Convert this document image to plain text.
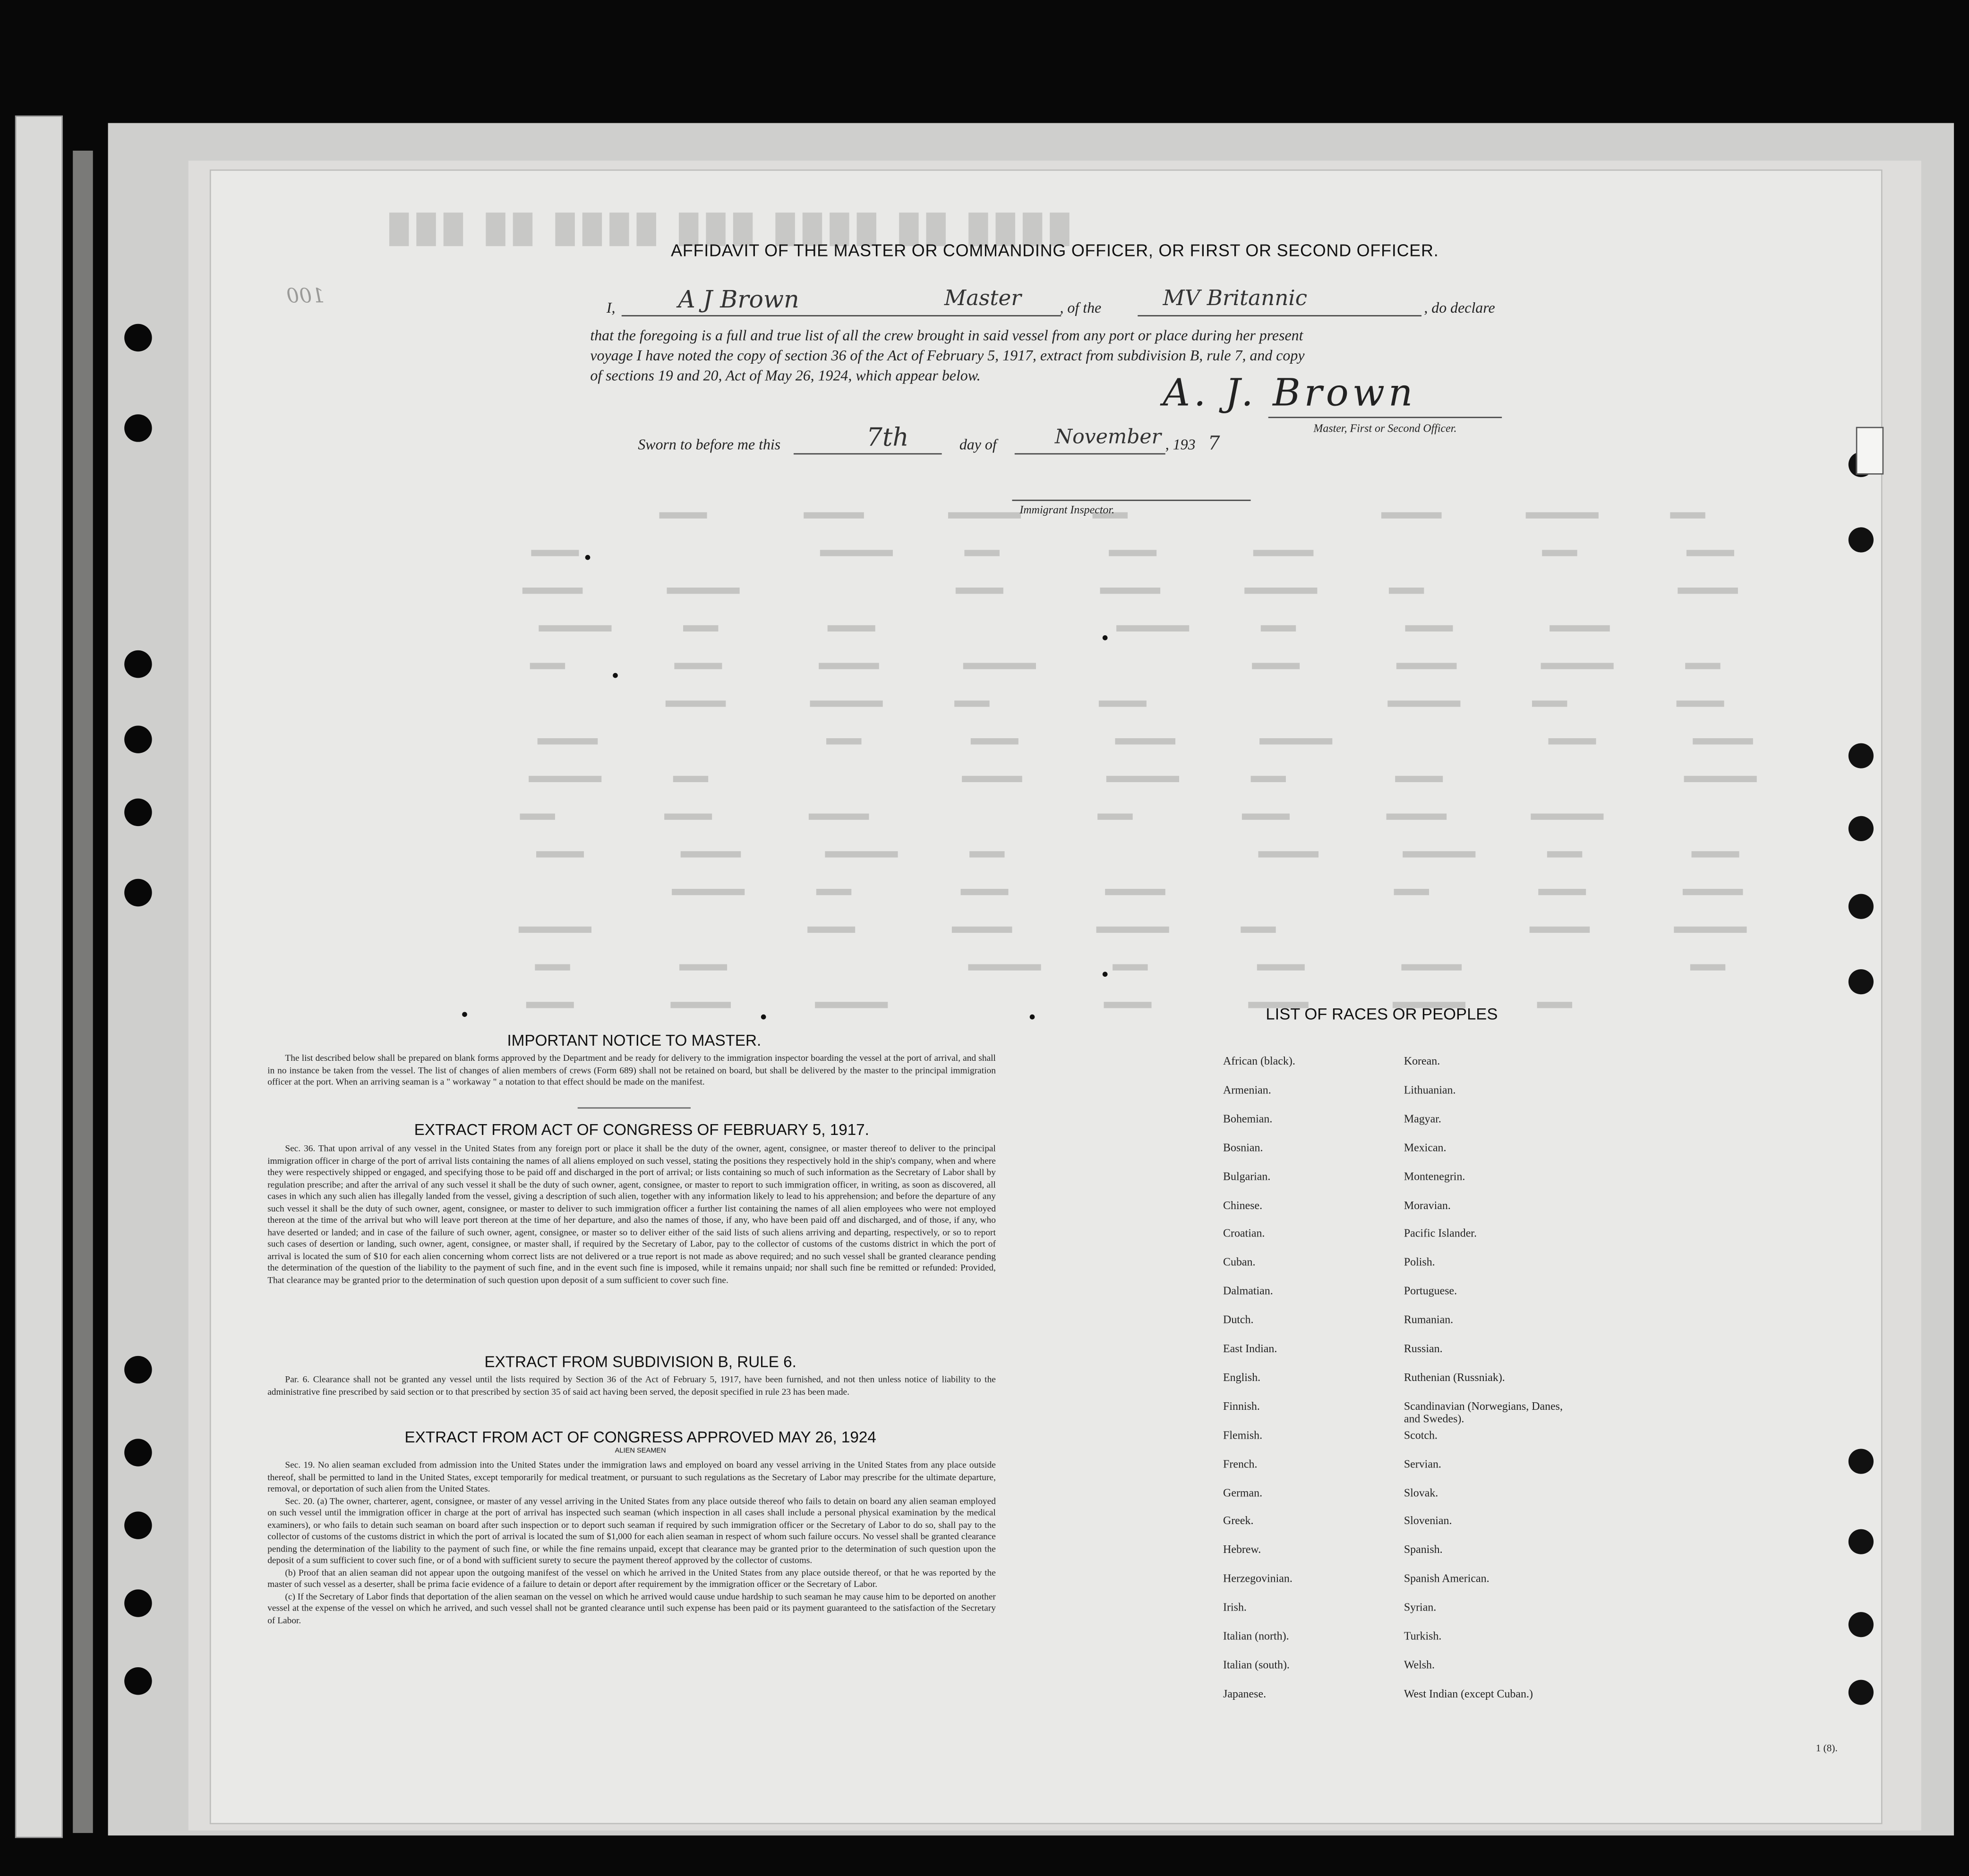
███ ██ ████ ███ ████ ██ ████
100
1 (8).
AFFIDAVIT OF THE MASTER OR COMMANDING OFFICER, OR FIRST OR SECOND OFFICER.
I,	A J Brown	Master	, of the	MV Britannic	, do declare
that the foregoing is a full and true list of all the crew brought in said vessel from any port or place during her present
voyage I have noted the copy of section 36 of the Act of February 5, 1917, extract from subdivision B, rule 7, and copy
of sections 19 and 20, Act of May 26, 1924, which appear below.	A. J. Brown
Master, First or Second Officer.
Sworn to before me this	7th	day of	November , 193 7
Immigrant Inspector.
IMPORTANT NOTICE TO MASTER.

The list described below shall be prepared on blank forms approved by the Department and be ready for delivery to the immigration inspector boarding the vessel at the port of arrival, and shall in no instance be taken from the vessel. The list of changes of alien members of crews (Form 689) shall not be retained on board, but shall be delivered by the master to the principal immigration officer at the port. When an arriving seaman is a " workaway " a notation to that effect should be made on the manifest.

EXTRACT FROM ACT OF CONGRESS OF FEBRUARY 5, 1917.

Sec. 36. That upon arrival of any vessel in the United States from any foreign port or place it shall be the duty of the owner, agent, consignee, or master thereof to deliver to the principal immigration officer in charge of the port of arrival lists containing the names of all aliens employed on such vessel, stating the positions they respectively hold in the ship's company, when and where they were respectively shipped or engaged, and specifying those to be paid off and discharged in the port of arrival; or lists containing so much of such information as the Secretary of Labor shall by regulation prescribe; and after the arrival of any such vessel it shall be the duty of such owner, agent, consignee, or master to report to such immigration officer, in writing, as soon as discovered, all cases in which any such alien has illegally landed from the vessel, giving a description of such alien, together with any information likely to lead to his apprehension; and before the departure of any such vessel it shall be the duty of such owner, agent, consignee, or master to deliver to such immigration officer a further list containing the names of all alien employees who were not employed thereon at the time of the arrival but who will leave port thereon at the time of her departure, and also the names of those, if any, who have been paid off and discharged, and of those, if any, who have deserted or landed; and in case of the failure of such owner, agent, consignee, or master so to deliver either of the said lists of such aliens arriving and departing, respectively, or so to report such cases of desertion or landing, such owner, agent, consignee, or master shall, if required by the Secretary of Labor, pay to the collector of customs of the customs district in which the port of arrival is located the sum of $10 for each alien concerning whom correct lists are not delivered or a true report is not made as above required; and no such vessel shall be granted clearance pending the determination of the question of the liability to the payment of such fine, and in the event such fine is imposed, while it remains unpaid; nor shall such fine be remitted or refunded: Provided, That clearance may be granted prior to the determination of such question upon deposit of a sum sufficient to cover such fine.

EXTRACT FROM SUBDIVISION B, RULE 6.

Par. 6. Clearance shall not be granted any vessel until the lists required by Section 36 of the Act of February 5, 1917, have been furnished, and not then unless notice of liability to the administrative fine prescribed by said section or to that prescribed by section 35 of said act having been served, the deposit specified in rule 23 has been made.

EXTRACT FROM ACT OF CONGRESS APPROVED MAY 26, 1924
ALIEN SEAMEN

Sec. 19. No alien seaman excluded from admission into the United States under the immigration laws and employed on board any vessel arriving in the United States from any place outside thereof, shall be permitted to land in the United States, except temporarily for medical treatment, or pursuant to such regulations as the Secretary of Labor may prescribe for the ultimate departure, removal, or deportation of such alien from the United States.

Sec. 20. (a) The owner, charterer, agent, consignee, or master of any vessel arriving in the United States from any place outside thereof who fails to detain on board any alien seaman employed on such vessel until the immigration officer in charge at the port of arrival has inspected such seaman (which inspection in all cases shall include a personal physical examination by the medical examiners), or who fails to detain such seaman on board after such inspection or to deport such seaman if required by such immigration officer or the Secretary of Labor to do so, shall pay to the collector of customs of the customs district in which the port of arrival is located the sum of $1,000 for each alien seaman in respect of whom such failure occurs. No vessel shall be granted clearance pending the determination of the liability to the payment of such fine, or while the fine remains unpaid, except that clearance may be granted prior to the determination of such question upon the deposit of a sum sufficient to cover such fine, or of a bond with sufficient surety to secure the payment thereof approved by the collector of customs.

(b) Proof that an alien seaman did not appear upon the outgoing manifest of the vessel on which he arrived in the United States from any place outside thereof, or that he was reported by the master of such vessel as a deserter, shall be prima facie evidence of a failure to detain or deport after requirement by the immigration officer or the Secretary of Labor.

(c) If the Secretary of Labor finds that deportation of the alien seaman on the vessel on which he arrived would cause undue hardship to such seaman he may cause him to be deported on another vessel at the expense of the vessel on which he arrived, and such vessel shall not be granted clearance until such expense has been paid or its payment guaranteed to the satisfaction of the Secretary of Labor.

LIST OF RACES OR PEOPLES
African (black).
Armenian.
Bohemian.
Bosnian.
Bulgarian.
Chinese.
Croatian.
Cuban.
Dalmatian.
Dutch.
East Indian.
English.
Finnish.
Flemish.
French.
German.
Greek.
Hebrew.
Herzegovinian.
Irish.
Italian (north).
Italian (south).
Japanese.
Korean.
Lithuanian.
Magyar.
Mexican.
Montenegrin.
Moravian.
Pacific Islander.
Polish.
Portuguese.
Rumanian.
Russian.
Ruthenian (Russniak).
Scandinavian (Norwegians, Danes, and Swedes).
Scotch.
Servian.
Slovak.
Slovenian.
Spanish.
Spanish American.
Syrian.
Turkish.
Welsh.
West Indian (except Cuban.)
